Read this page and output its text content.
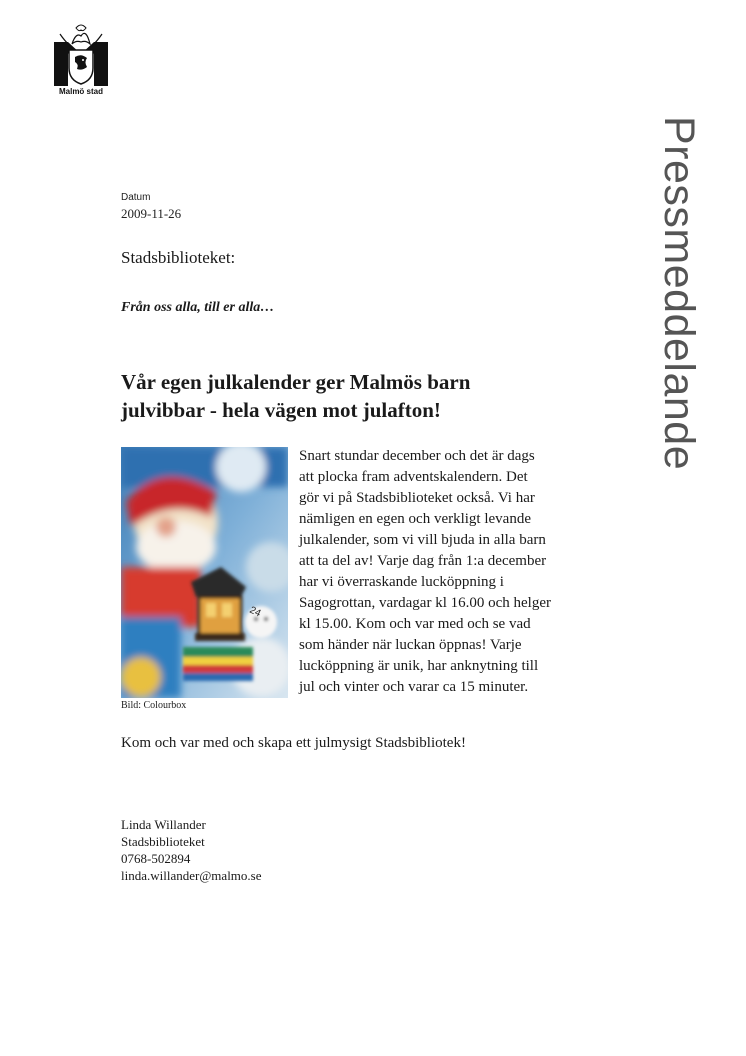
Malmö stad
Pressmeddelande
Datum
2009-11-26
Stadsbiblioteket:
Från oss alla, till er alla…
Vår egen julkalender ger Malmös barn
julvibbar - hela vägen mot julafton!
24
Bild: Colourbox

Snart stundar december och det är dags
att plocka fram adventskalendern. Det
gör vi på Stadsbiblioteket också. Vi har
nämligen en egen och verkligt levande
julkalender, som vi vill bjuda in alla barn
att ta del av! Varje dag från 1:a december
har vi överraskande lucköppning i
Sagogrottan, vardagar kl 16.00 och helger
kl 15.00. Kom och var med och se vad
som händer när luckan öppnas! Varje
lucköppning är unik, har anknytning till
jul och vinter och varar ca 15 minuter.

Kom och var med och skapa ett julmysigt Stadsbibliotek!

Linda Willander
Stadsbiblioteket
0768-502894
linda.willander@malmo.se
